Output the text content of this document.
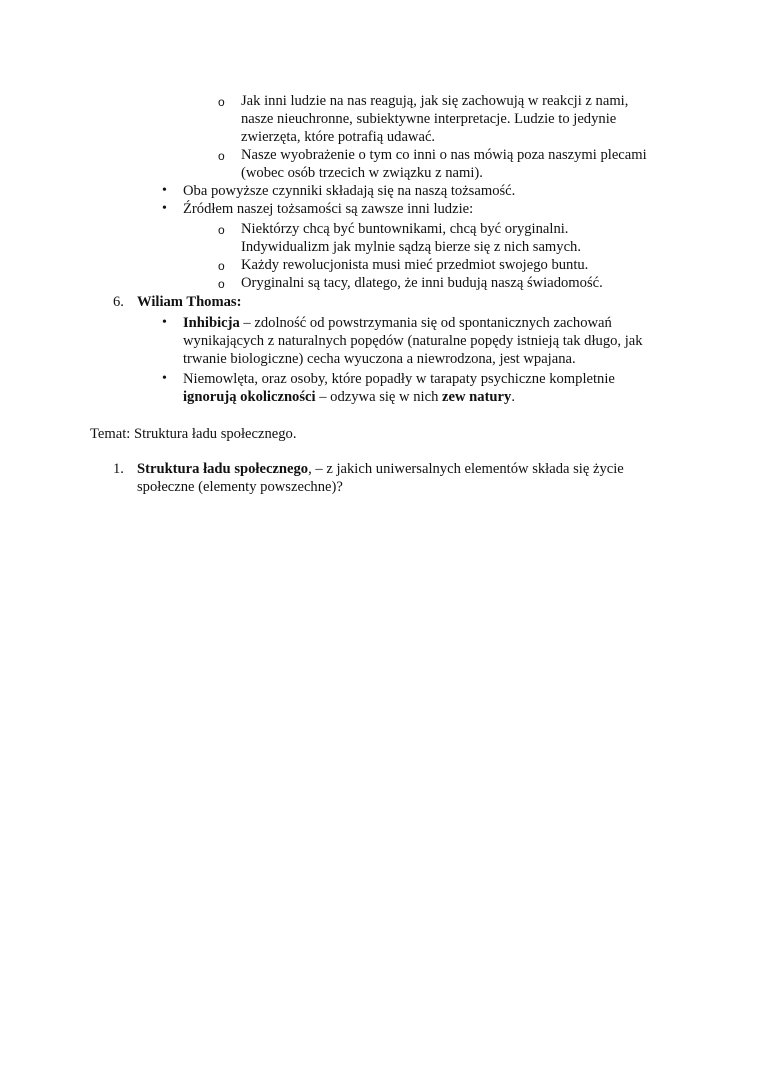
o Jak inni ludzie na nas reagują, jak się zachowują w reakcji z nami,
nasze nieuchronne, subiektywne interpretacje. Ludzie to jedynie
zwierzęta, które potrafią udawać.
o Nasze wyobrażenie o tym co inni o nas mówią poza naszymi plecami
(wobec osób trzecich w związku z nami).
• Oba powyższe czynniki składają się na naszą tożsamość.
• Źródłem naszej tożsamości są zawsze inni ludzie:
o Niektórzy chcą być buntownikami, chcą być oryginalni.
Indywidualizm jak mylnie sądzą bierze się z nich samych.
o Każdy rewolucjonista musi mieć przedmiot swojego buntu.
o Oryginalni są tacy, dlatego, że inni budują naszą świadomość.
6. Wiliam Thomas:
• Inhibicja – zdolność od powstrzymania się od spontanicznych zachowań
wynikających z naturalnych popędów (naturalne popędy istnieją tak długo, jak
trwanie biologiczne) cecha wyuczona a niewrodzona, jest wpajana.
• Niemowlęta, oraz osoby, które popadły w tarapaty psychiczne kompletnie
ignorują okoliczności – odzywa się w nich zew natury.
Temat: Struktura ładu społecznego.
1. Struktura ładu społecznego, – z jakich uniwersalnych elementów składa się życie
społeczne (elementy powszechne)?
